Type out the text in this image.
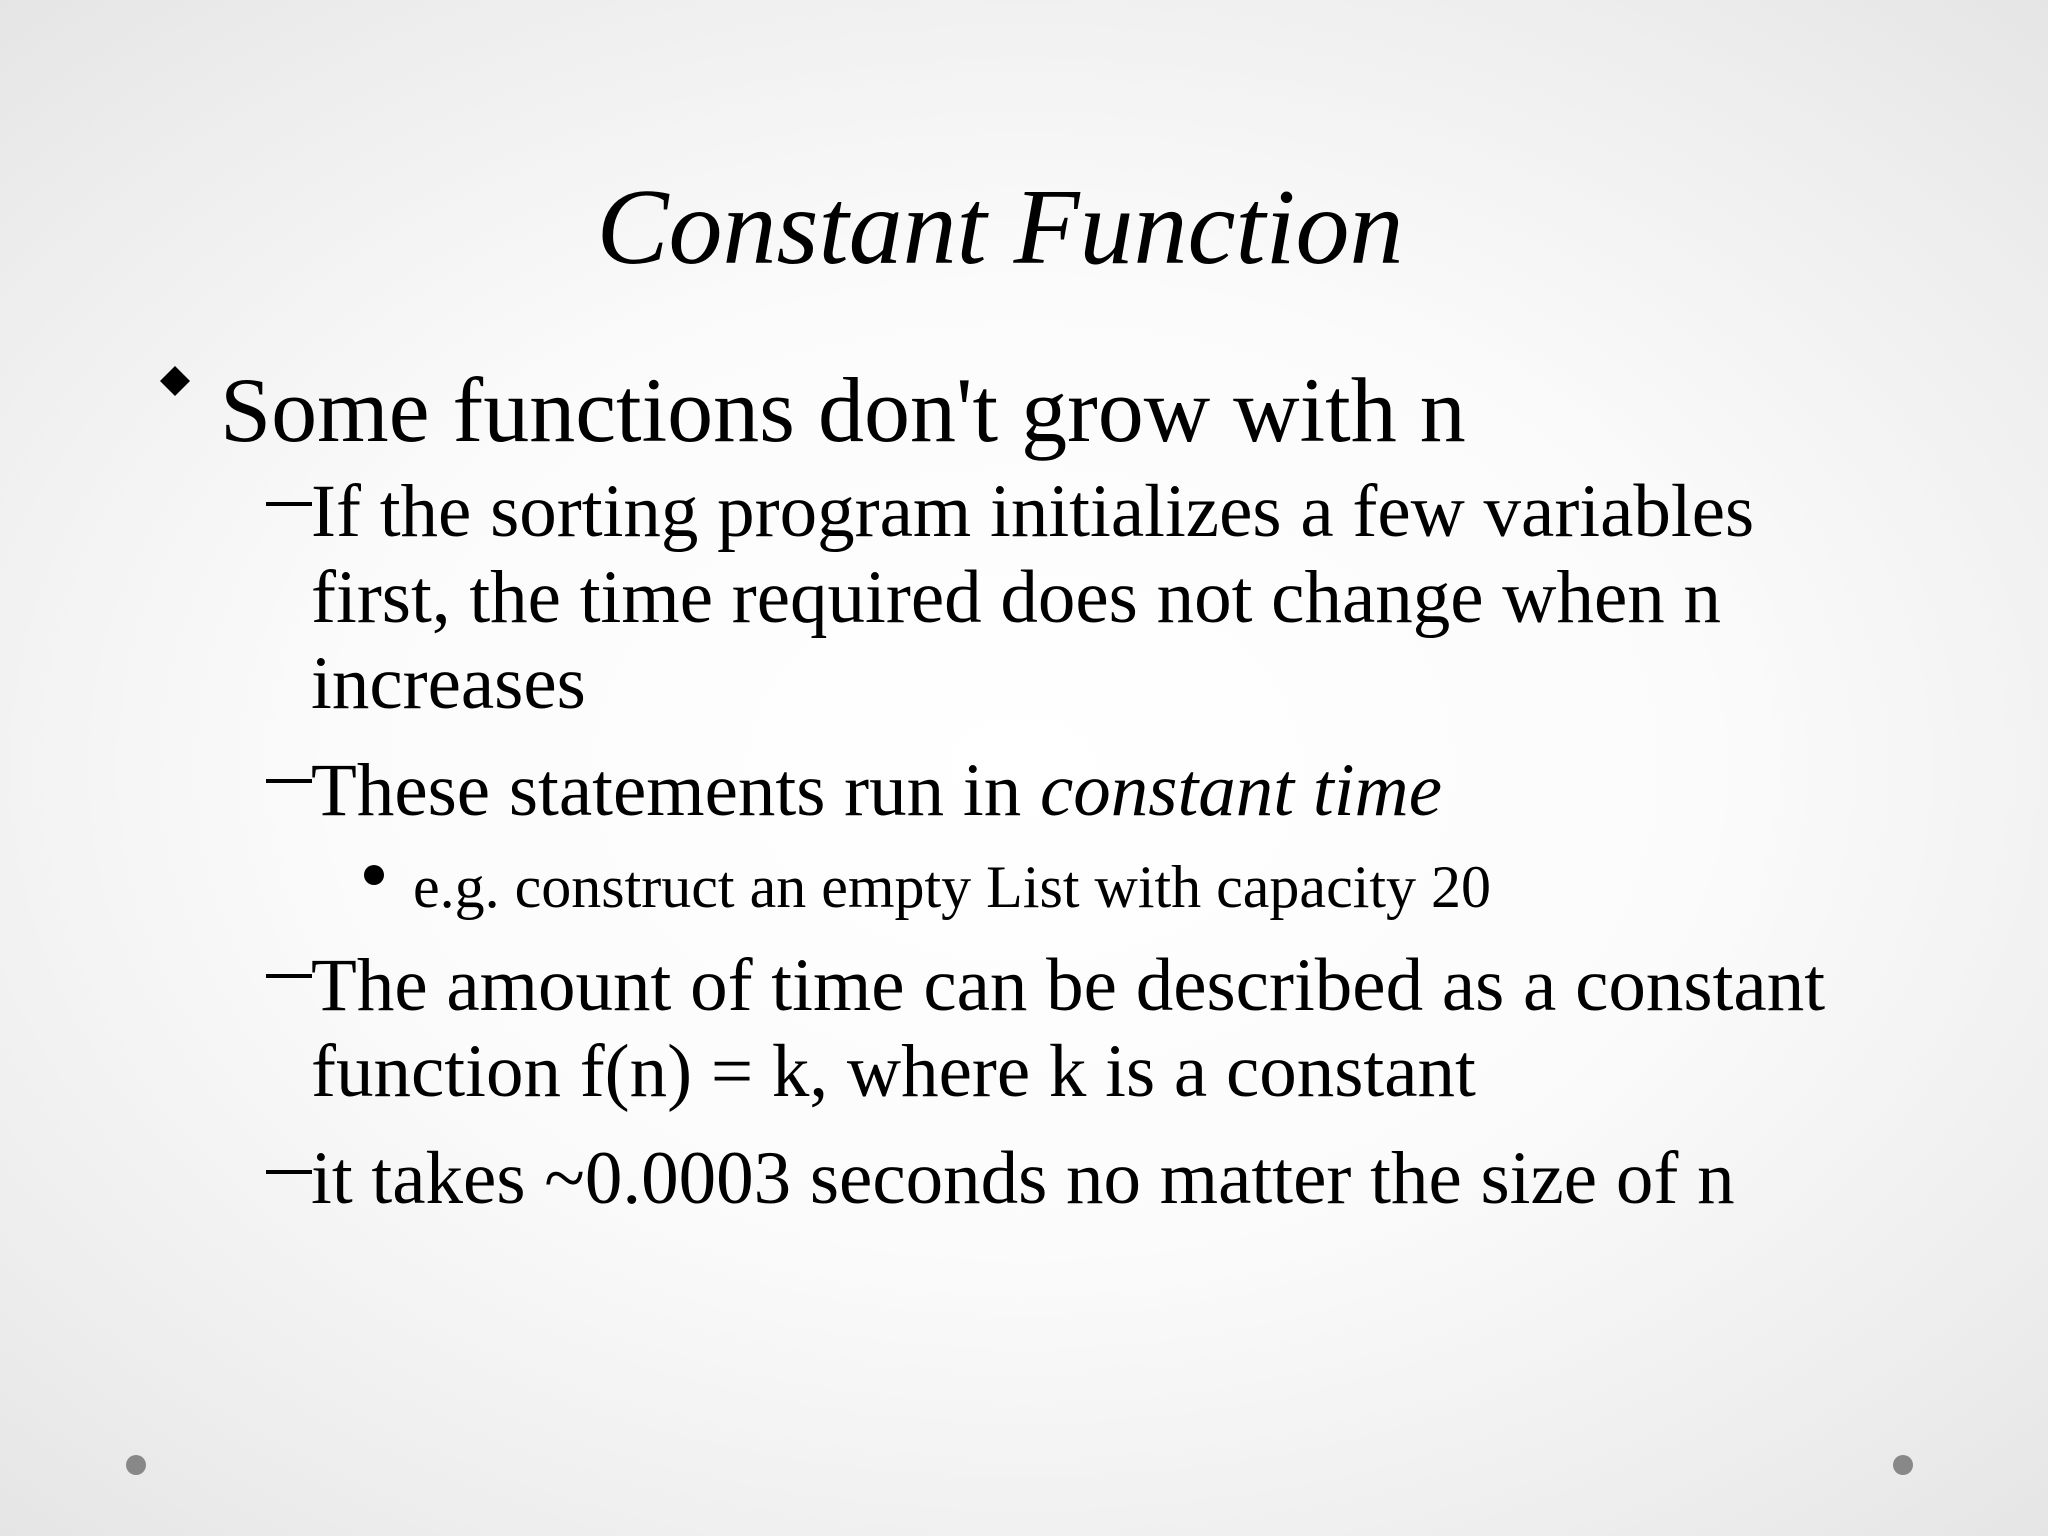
Constant Function
Some functions don't grow with n
If the sorting program initializes a few variables first, the time required does not change when n increases
These statements run in constant time
e.g. construct an empty List with capacity 20
The amount of time can be described as a constant function f(n) = k, where k is a constant
it takes ~0.0003 seconds no matter the size of n
